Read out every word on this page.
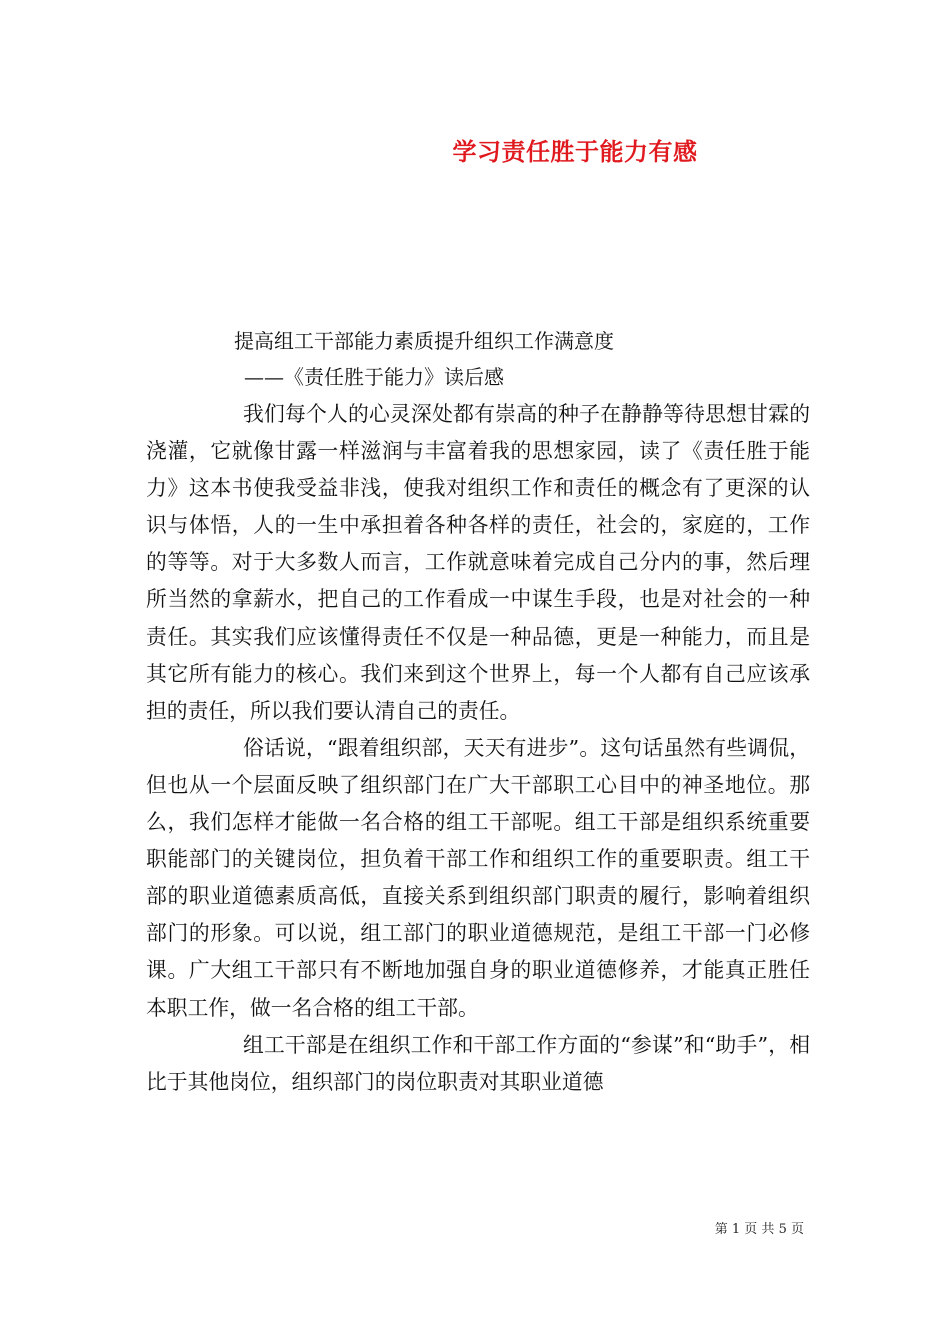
学习责任胜于能力有感
提高组工干部能力素质提升组织工作满意度
——《责任胜于能力》读后感

我们每个人的心灵深处都有崇高的种子在静静等待思想甘霖的浇灌，它就像甘露一样滋润与丰富着我的思想家园，读了《责任胜于能力》这本书使我受益非浅，使我对组织工作和责任的概念有了更深的认识与体悟，人的一生中承担着各种各样的责任，社会的，家庭的，工作的等等。对于大多数人而言，工作就意味着完成自己分内的事，然后理所当然的拿薪水，把自己的工作看成一中谋生手段，也是对社会的一种责任。其实我们应该懂得责任不仅是一种品德，更是一种能力，而且是其它所有能力的核心。我们来到这个世界上，每一个人都有自己应该承担的责任，所以我们要认清自己的责任。

俗话说，“跟着组织部，天天有进步”。这句话虽然有些调侃，但也从一个层面反映了组织部门在广大干部职工心目中的神圣地位。那么，我们怎样才能做一名合格的组工干部呢。组工干部是组织系统重要职能部门的关键岗位，担负着干部工作和组织工作的重要职责。组工干部的职业道德素质高低，直接关系到组织部门职责的履行，影响着组织部门的形象。可以说，组工部门的职业道德规范，是组工干部一门必修课。广大组工干部只有不断地加强自身的职业道德修养，才能真正胜任本职工作，做一名合格的组工干部。

组工干部是在组织工作和干部工作方面的“参谋”和“助手”，相比于其他岗位，组织部门的岗位职责对其职业道德

第 1 页 共 5 页
